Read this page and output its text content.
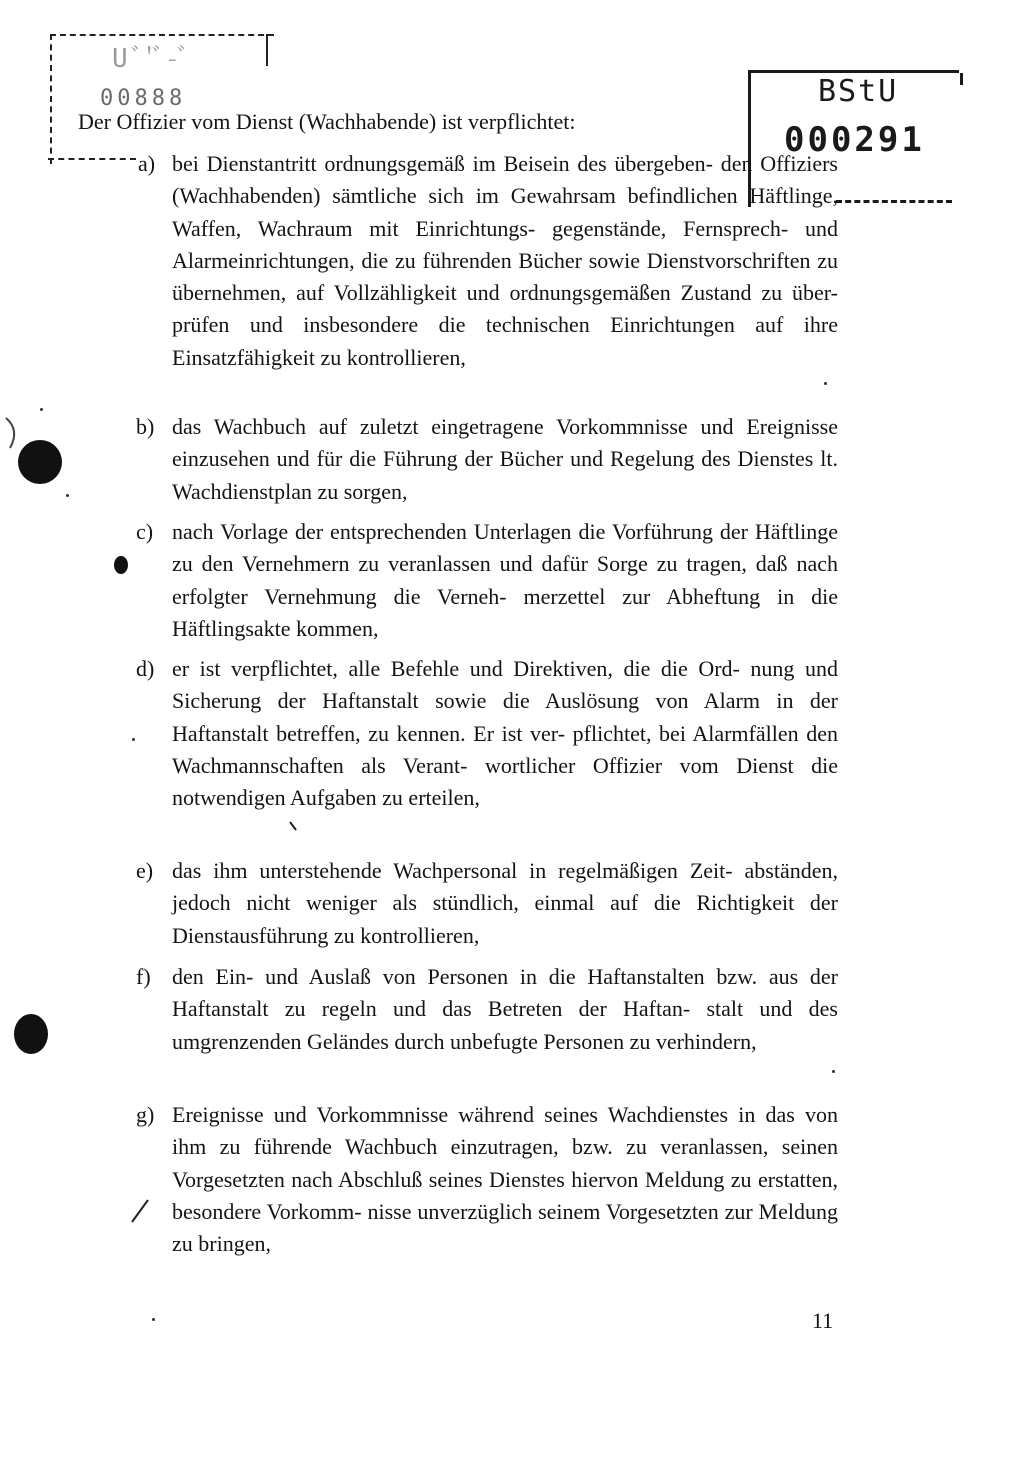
Uﾞ'ﾞ-ﾞ
00888	BStU
000291
Der Offizier vom Dienst (Wachhabende) ist verpflichtet:
a) bei Dienstantritt ordnungsgemäß im Beisein des übergeben- den Offiziers (Wachhabenden) sämtliche sich im Gewahrsam befindlichen Häftlinge, Waffen, Wachraum mit Einrichtungs- gegenstände, Fernsprech- und Alarmeinrichtungen, die zu führenden Bücher sowie Dienstvorschriften zu übernehmen, auf Vollzähligkeit und ordnungsgemäßen Zustand zu über- prüfen und insbesondere die technischen Einrichtungen auf ihre Einsatzfähigkeit zu kontrollieren,
b) das Wachbuch auf zuletzt eingetragene Vorkommnisse und Ereignisse einzusehen und für die Führung der Bücher und Regelung des Dienstes lt. Wachdienstplan zu sorgen,
c) nach Vorlage der entsprechenden Unterlagen die Vorführung der Häftlinge zu den Vernehmern zu veranlassen und dafür Sorge zu tragen, daß nach erfolgter Vernehmung die Verneh- merzettel zur Abheftung in die Häftlingsakte kommen,
d) er ist verpflichtet, alle Befehle und Direktiven, die die Ord- nung und Sicherung der Haftanstalt sowie die Auslösung von Alarm in der Haftanstalt betreffen, zu kennen. Er ist ver- pflichtet, bei Alarmfällen den Wachmannschaften als Verant- wortlicher Offizier vom Dienst die notwendigen Aufgaben zu erteilen,
e) das ihm unterstehende Wachpersonal in regelmäßigen Zeit- abständen, jedoch nicht weniger als stündlich, einmal auf die Richtigkeit der Dienstausführung zu kontrollieren,
f) den Ein- und Auslaß von Personen in die Haftanstalten bzw. aus der Haftanstalt zu regeln und das Betreten der Haftan- stalt und des umgrenzenden Geländes durch unbefugte Personen zu verhindern,
g) Ereignisse und Vorkommnisse während seines Wachdienstes in das von ihm zu führende Wachbuch einzutragen, bzw. zu veranlassen, seinen Vorgesetzten nach Abschluß seines Dienstes hiervon Meldung zu erstatten, besondere Vorkomm- nisse unverzüglich seinem Vorgesetzten zur Meldung zu bringen,
11
